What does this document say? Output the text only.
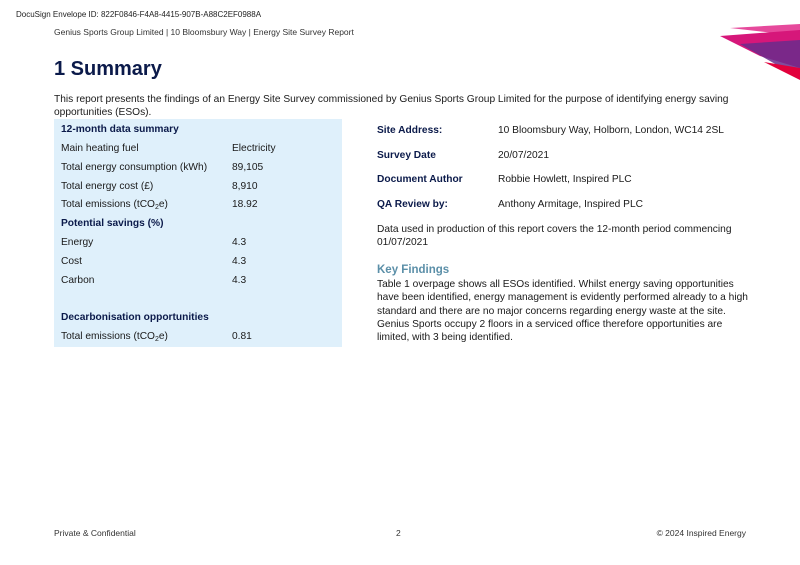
DocuSign Envelope ID: 822F0846-F4A8-4415-907B-A88C2EF0988A
Genius Sports Group Limited | 10 Bloomsbury Way | Energy Site Survey Report
1 Summary
This report presents the findings of an Energy Site Survey commissioned by Genius Sports Group Limited for the purpose of identifying energy saving opportunities (ESOs).
12-month data summary
Main heating fuel	Electricity
Total energy consumption (kWh) 89,105
Total energy cost (£)	8,910
Total emissions (tCO$_2$e)	18.92
Potential savings (%)
Energy	4.3
Cost	4.3
Carbon	4.3
Decarbonisation opportunities
Total emissions (tCO$_2$e)	0.81
Site Address:	10 Bloomsbury Way, Holborn, London, WC14 2SL
Survey Date	20/07/2021
Document Author	Robbie Howlett, Inspired PLC
QA Review by:	Anthony Armitage, Inspired PLC
Data used in production of this report covers the 12-month period commencing 01/07/2021
Key Findings
Table 1 overpage shows all ESOs identified. Whilst energy saving opportunities have been identified, energy management is evidently performed already to a high standard and there are no major concerns regarding energy waste at the site. Genius Sports occupy 2 floors in a serviced office therefore opportunities are limited, with 3 being identified.
Private & Confidential	2	© 2024 Inspired Energy
